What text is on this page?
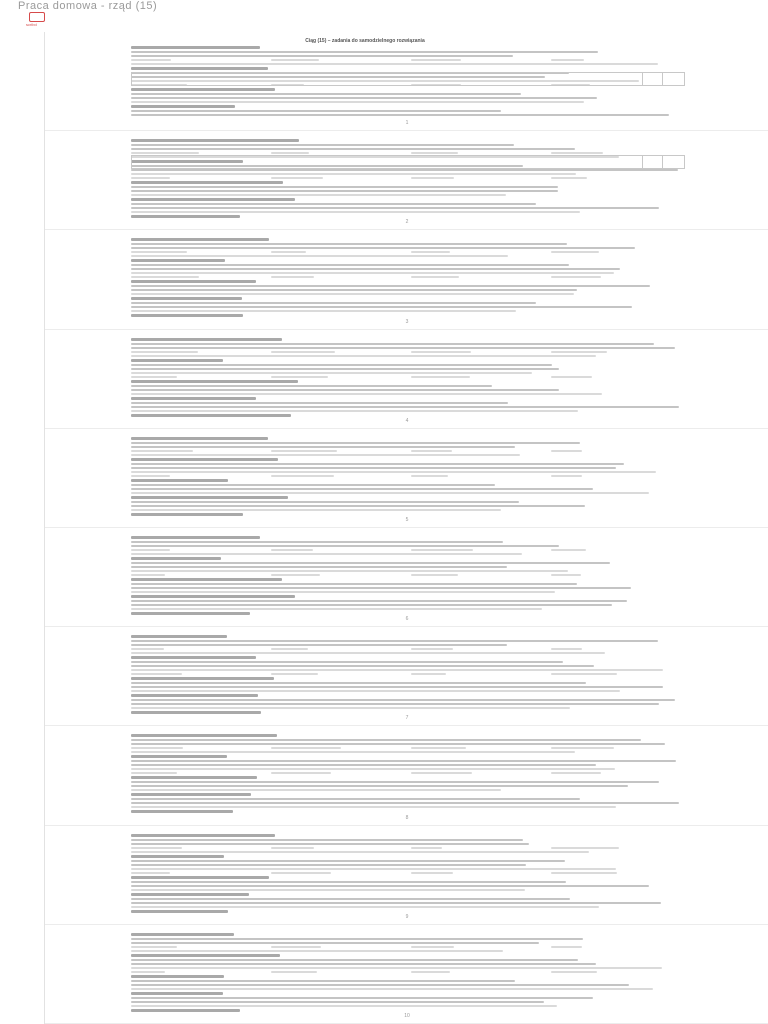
Praca domowa - rząd (15)
scribd
Ciąg (15) – zadania do samodzielnego rozwiązania
1
2
3
4
5
6
7
8
9
10
